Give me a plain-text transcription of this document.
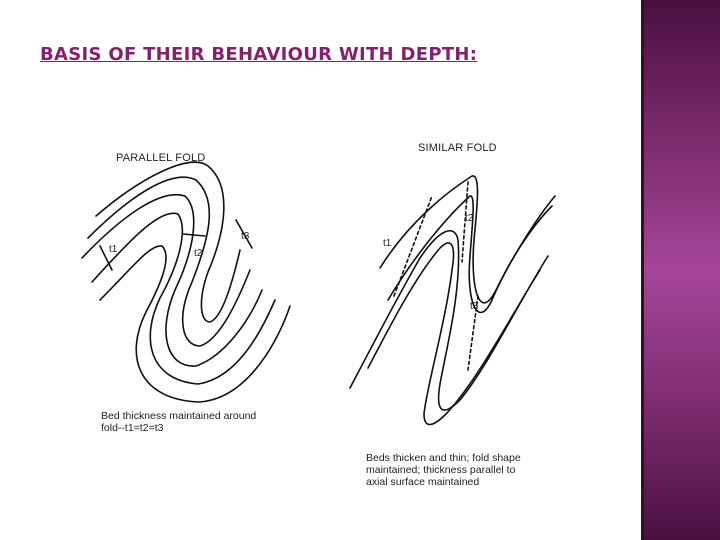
BASIS OF THEIR BEHAVIOUR WITH DEPTH:
PARALLEL FOLD
t1	t2
t3
Bed thickness maintained around
fold--t1=t2=t3
SIMILAR FOLD
t1
t2
t3
Beds thicken and thin; fold shape
maintained; thickness parallel to
axial surface maintained
